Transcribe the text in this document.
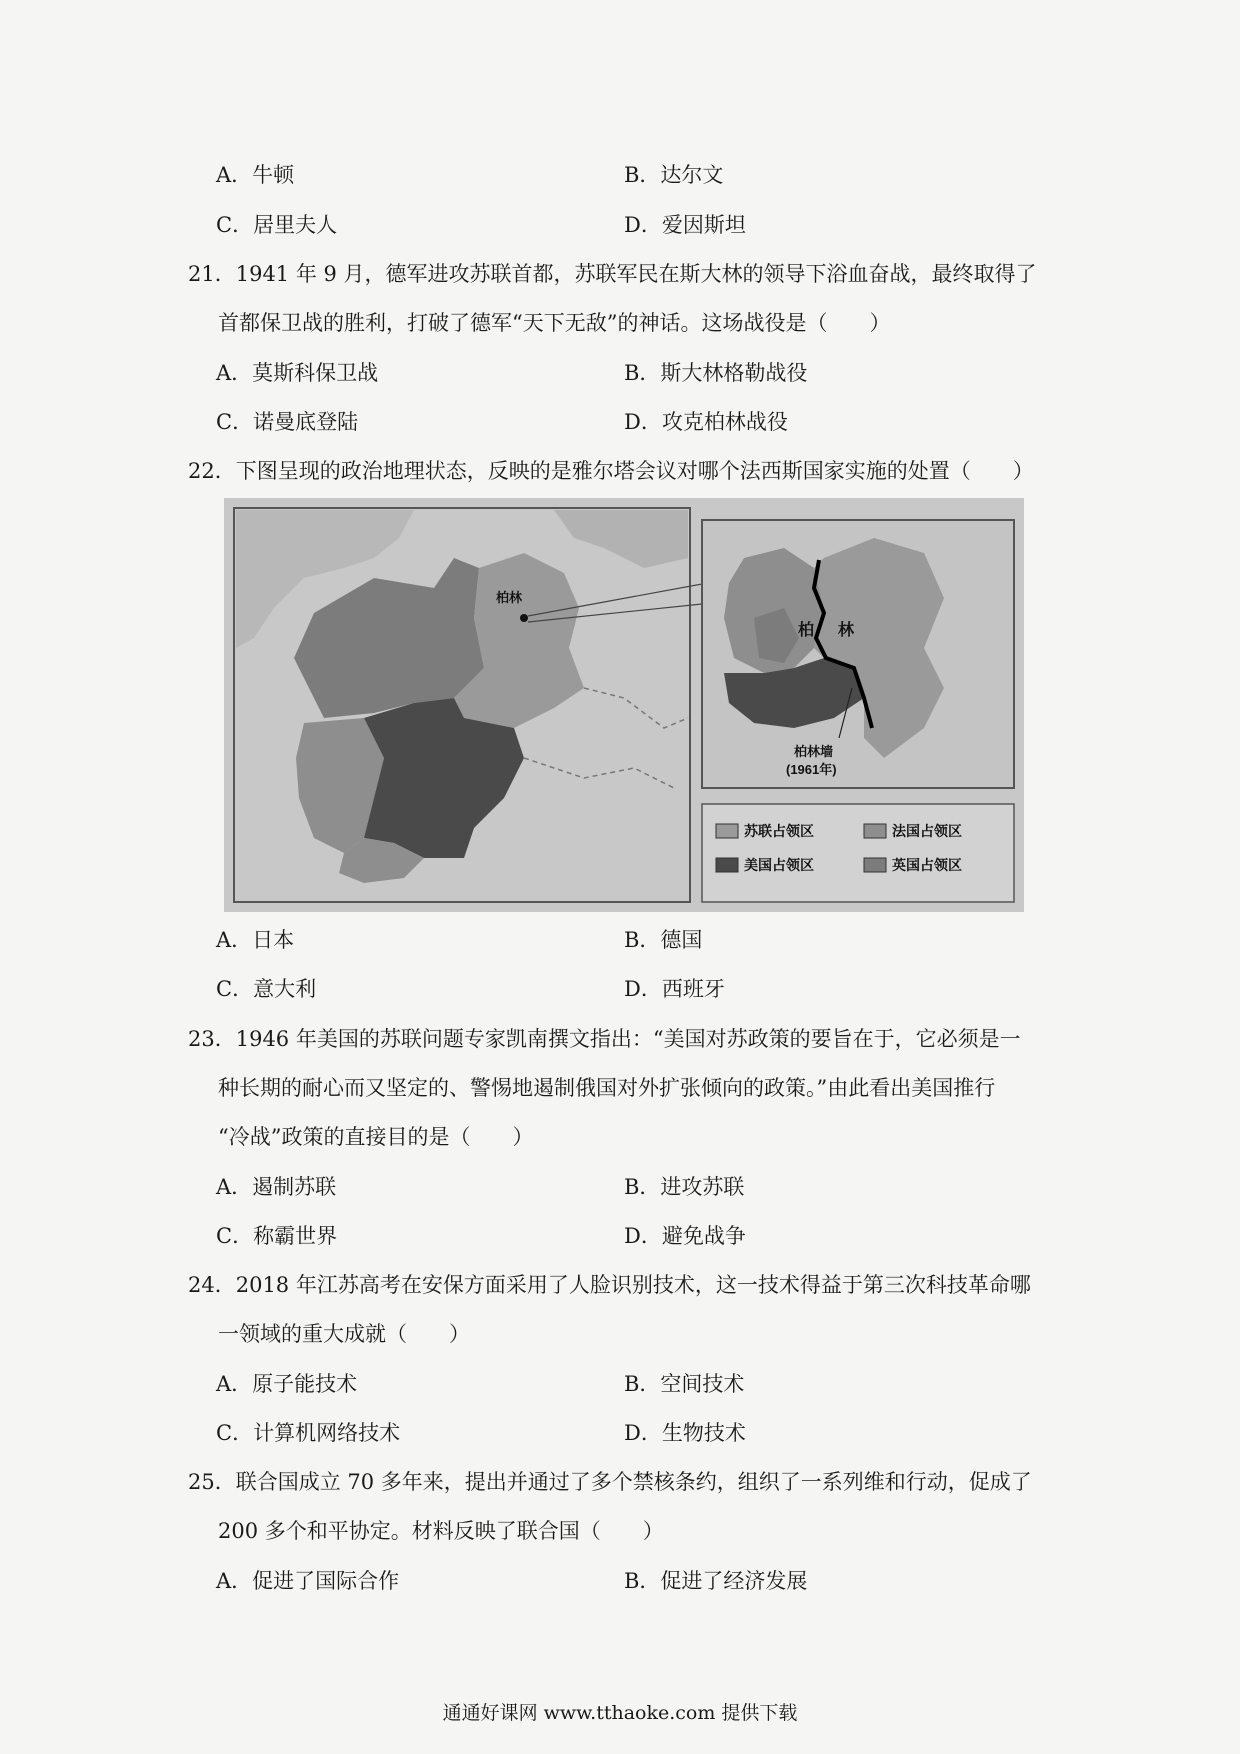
A．牛顿	B．达尔文
C．居里夫人	D．爱因斯坦
21．1941 年 9 月，德军进攻苏联首都，苏联军民在斯大林的领导下浴血奋战，最终取得了
首都保卫战的胜利，打破了德军“天下无敌”的神话。这场战役是（　　）
A．莫斯科保卫战	B．斯大林格勒战役
C．诺曼底登陆	D．攻克柏林战役
22．下图呈现的政治地理状态，反映的是雅尔塔会议对哪个法西斯国家实施的处置（　　）
柏林
柏 林
柏林墙
(1961年)
苏联占领区	法国占领区
美国占领区	英国占领区
A．日本	B．德国
C．意大利	D．西班牙
23．1946 年美国的苏联问题专家凯南撰文指出：“美国对苏政策的要旨在于，它必须是一
种长期的耐心而又坚定的、警惕地遏制俄国对外扩张倾向的政策。”由此看出美国推行
“冷战”政策的直接目的是（　　）
A．遏制苏联	B．进攻苏联
C．称霸世界	D．避免战争
24．2018 年江苏高考在安保方面采用了人脸识别技术，这一技术得益于第三次科技革命哪
一领域的重大成就（　　）
A．原子能技术	B．空间技术
C．计算机网络技术	D．生物技术
25．联合国成立 70 多年来，提出并通过了多个禁核条约，组织了一系列维和行动，促成了
200 多个和平协定。材料反映了联合国（　　）
A．促进了国际合作	B．促进了经济发展
通通好课网 www.tthaoke.com 提供下载
